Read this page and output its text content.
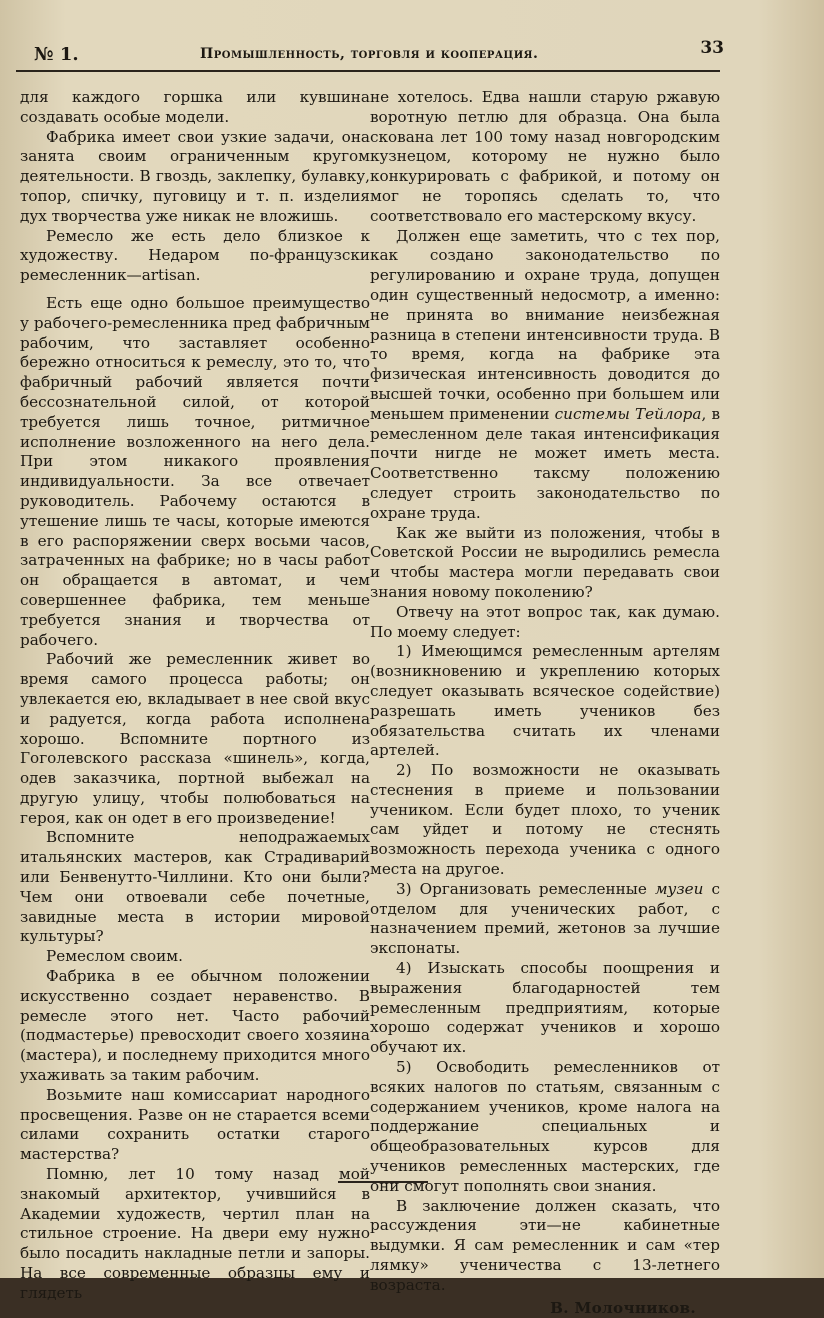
№ 1.	Промышленность, торговля и кооперация.	33

для каждого горшка или кувшина создавать особые модели.

Фабрика имеет свои узкие задачи, она занята своим ограниченным кругом деятельности. В гвоздь, заклепку, булавку, топор, спичку, пуговицу и т. п. изделия дух творчества уже никак не вложишь.

Ремесло же есть дело близкое к художеству. Недаром по-французски ремесленник—artisan.

Есть еще одно большое преимущество у рабочего-ремесленника пред фабричным рабочим, что заставляет особенно бережно относиться к ремеслу, это то, что фабричный рабочий является почти бессознательной силой, от которой требуется лишь точное, ритмичное исполнение возложенного на него дела. При этом никакого проявления индивидуальности. За все отвечает руководитель. Рабочему остаются в утешение лишь те часы, которые имеются в его распоряжении сверх восьми часов, затраченных на фабрике; но в часы работ он обращается в автомат, и чем совершеннее фабрика, тем меньше требуется знания и творчества от рабочего.

Рабочий же ремесленник живет во время самого процесса работы; он увлекается ею, вкладывает в нее свой вкус и радуется, когда работа исполнена хорошо. Вспомните портного из Гоголевского рассказа «шинель», когда, одев заказчика, портной выбежал на другую улицу, чтобы полюбоваться на героя, как он одет в его произведение!

Вспомните неподражаемых итальянских мастеров, как Страдиварий или Бенвенутто-Чиллини. Кто они были? Чем они отвоевали себе почетные, завидные места в истории мировой культуры?

Ремеслом своим.

Фабрика в ее обычном положении искусственно создает неравенство. В ремесле этого нет. Часто рабочий (подмастерье) превосходит своего хозяина (мастера), и последнему приходится много ухаживать за таким рабочим.

Возьмите наш комиссариат народного просвещения. Разве он не старается всеми силами сохранить остатки старого мастерства?

Помню, лет 10 тому назад мой знакомый архитектор, учившийся в Академии художеств, чертил план на стильное строение. На двери ему нужно было посадить накладные петли и запоры. На все современные образцы ему и глядеть

не хотелось. Едва нашли старую ржавую воротную петлю для образца. Она была скована лет 100 тому назад новгородским кузнецом, которому не нужно было конкурировать с фабрикой, и потому он мог не торопясь сделать то, что соответствовало его мастерскому вкусу.

Должен еще заметить, что с тех пор, как создано законодательство по регулированию и охране труда, допущен один существенный недосмотр, а именно: не принята во внимание неизбежная разница в степени интенсивности труда. В то время, когда на фабрике эта физическая интенсивность доводится до высшей точки, особенно при большем или меньшем применении системы Тейлора, в ремесленном деле такая интенсификация почти нигде не может иметь места. Соответственно таксму положению следует строить законодательство по охране труда.

Как же выйти из положения, чтобы в Советской России не выродились ремесла и чтобы мастера могли передавать свои знания новому поколению?

Отвечу на этот вопрос так, как думаю. По моему следует:

1) Имеющимся ремесленным артелям (возникновению и укреплению которых следует оказывать всяческое содействие) разрешать иметь учеников без обязательства считать их членами артелей.

2) По возможности не оказывать стеснения в приеме и пользовании учеником. Если будет плохо, то ученик сам уйдет и потому не стеснять возможность перехода ученика с одного места на другое.

3) Организовать ремесленные музеи с отделом для ученических работ, с назначением премий, жетонов за лучшие экспонаты.

4) Изыскать способы поощрения и выражения благодарностей тем ремесленным предприятиям, которые хорошо содержат учеников и хорошо обучают их.

5) Освободить ремесленников от всяких налогов по статьям, связанным с содержанием учеников, кроме налога на поддержание специальных и общеобразовательных курсов для учеников ремесленных мастерских, где они смогут пополнять свои знания.

В заключение должен сказать, что рассуждения эти—не кабинетные выдумки. Я сам ремесленник и сам «тер лямку» ученичества с 13-летнего возраста.

В. Молочников.
